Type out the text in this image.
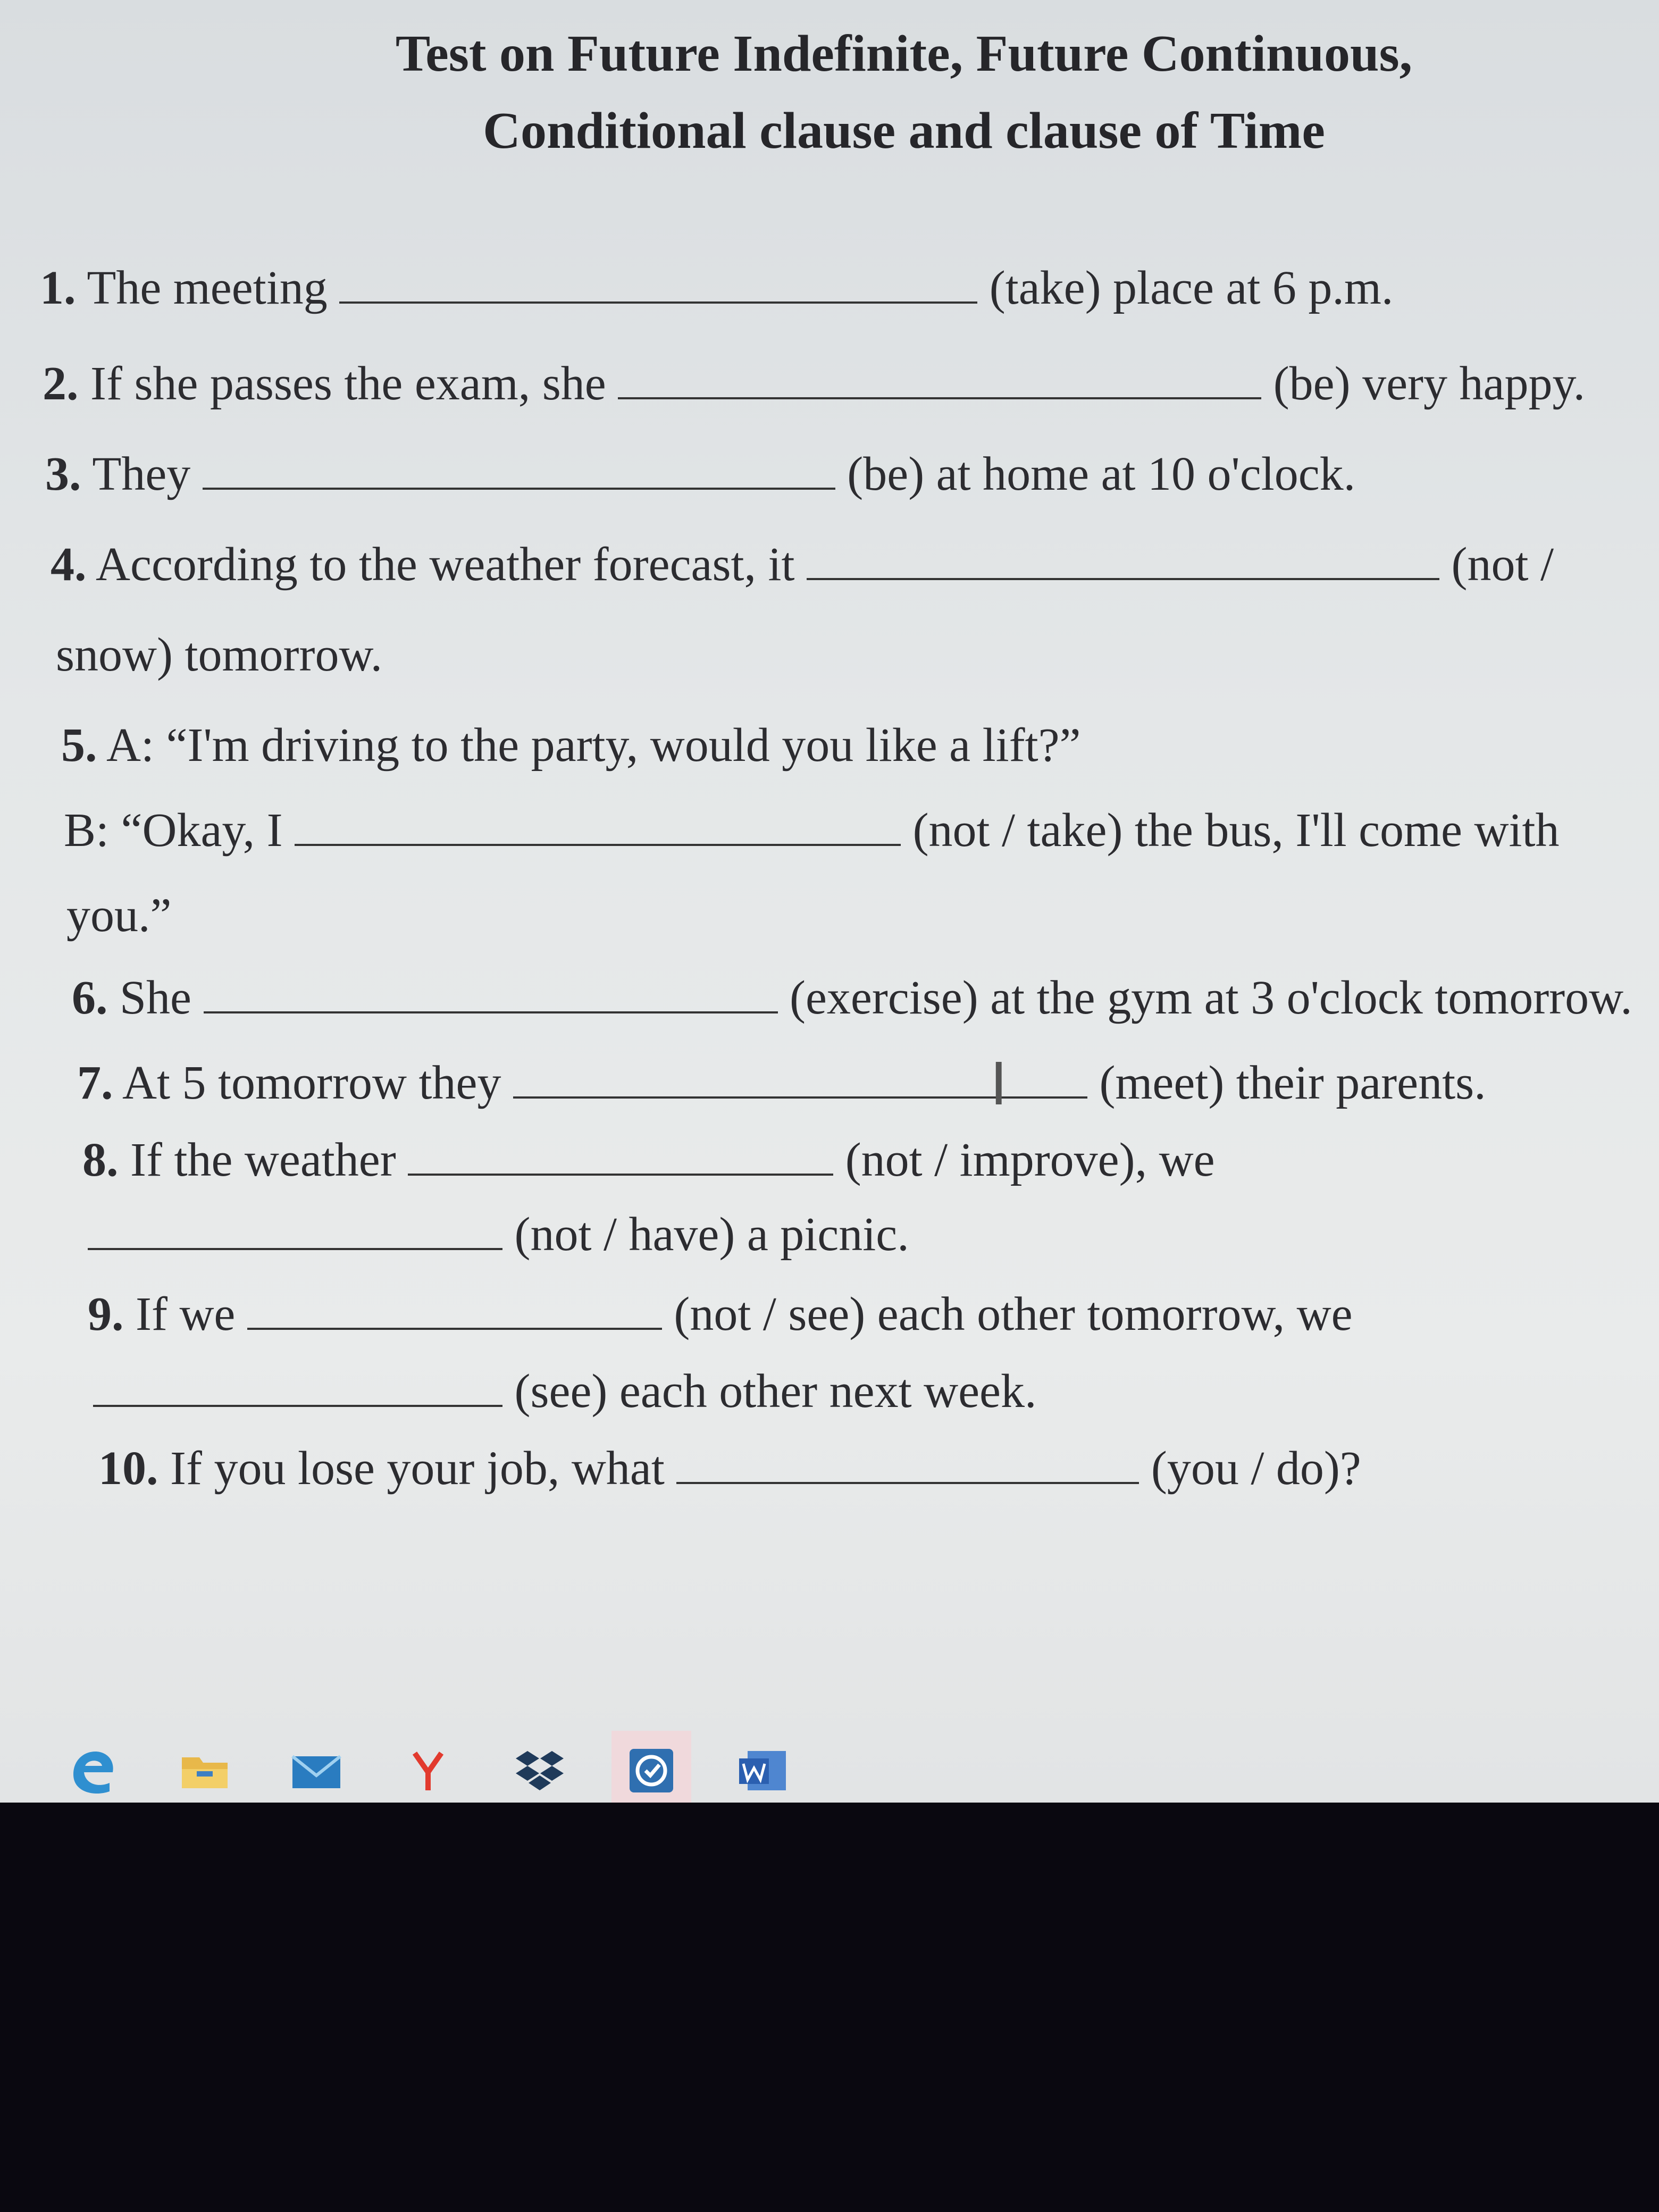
Test on Future Indefinite, Future Continuous,
Conditional clause and clause of Time
1. The meeting	(take) place at 6 p.m.
2. If she passes the exam, she	(be) very happy.
3. They	(be) at home at 10 o'clock.
4. According to the weather forecast, it	(not /
snow) tomorrow.
5. A: “I'm driving to the party, would you like a lift?”
B: “Okay, I	(not / take) the bus, I'll come with
you.”
6. She	(exercise) at the gym at 3 o'clock tomorrow.
7. At 5 tomorrow they	(meet) their parents.
8. If the weather	(not / improve), we
(not / have) a picnic.
9. If we	(not / see) each other tomorrow, we
(see) each other next week.
10. If you lose your job, what	(you / do)?
I
